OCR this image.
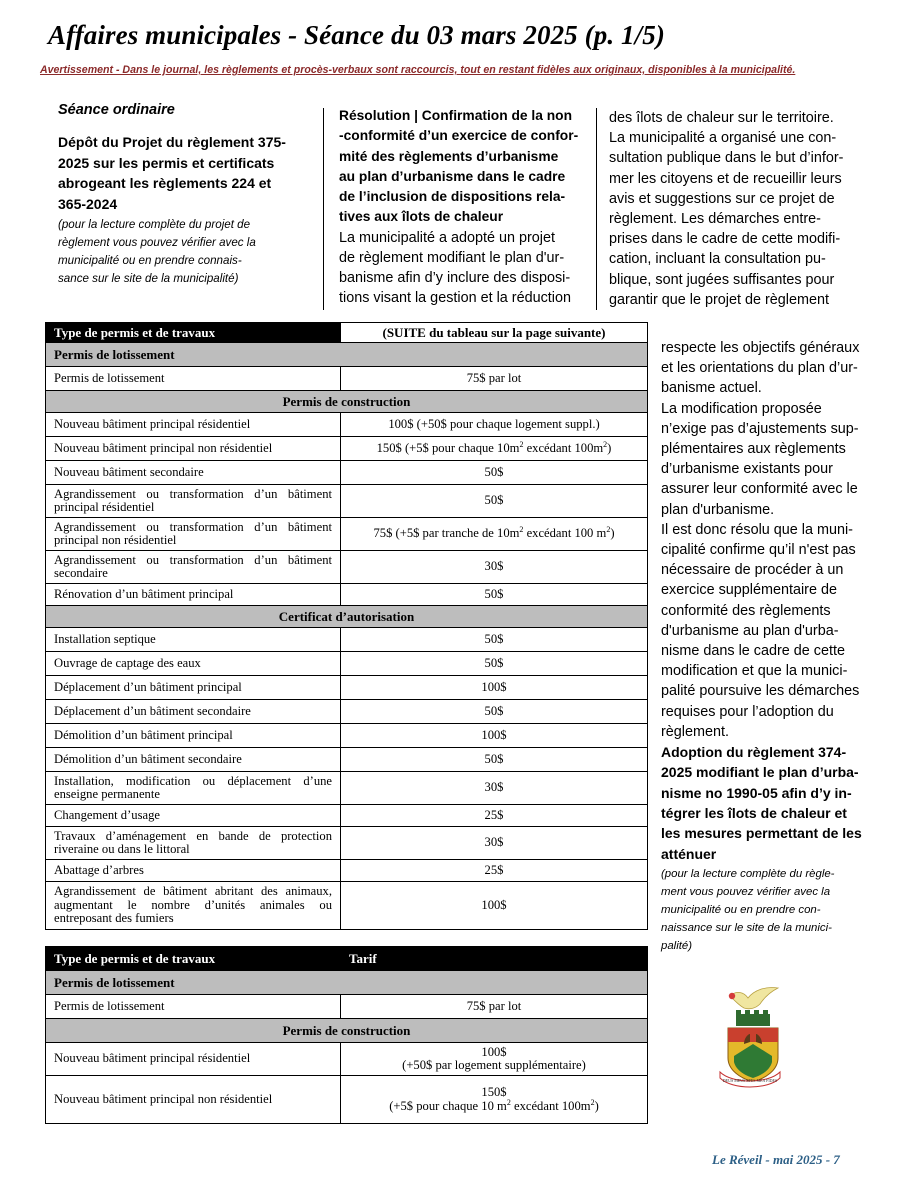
Affaires municipales - Séance du 03 mars 2025 (p. 1/5)
Avertissement - Dans le journal, les règlements et procès-verbaux sont raccourcis, tout en restant fidèles aux originaux, disponibles à la municipalité.
Séance ordinaire
Dépôt du Projet du règlement 375-
2025 sur les permis et certificats
abrogeant les règlements 224 et
365-2024
(pour la lecture complète du projet de
règlement vous pouvez vérifier avec la
municipalité ou en prendre connais-
sance sur le site de la municipalité)
Résolution | Confirmation de la non
-conformité d’un exercice de confor-
mité des règlements d’urbanisme
au plan d’urbanisme dans le cadre
de l’inclusion de dispositions rela-
tives aux îlots de chaleur
La municipalité a adopté un projet
de règlement modifiant le plan d'ur-
banisme afin d’y inclure des disposi-
tions visant la gestion et la réduction
des îlots de chaleur sur le territoire.
La municipalité a organisé une con-
sultation publique dans le but d’infor-
mer les citoyens et de recueillir leurs
avis et suggestions sur ce projet de
règlement. Les démarches entre-
prises dans le cadre de cette modifi-
cation, incluant la consultation pu-
blique, sont jugées suffisantes pour
garantir que le projet de règlement
respecte les objectifs généraux
et les orientations du plan d’ur-
banisme actuel.
La modification proposée
n’exige pas d’ajustements sup-
plémentaires aux règlements
d’urbanisme existants pour
assurer leur conformité avec le
plan d'urbanisme.
Il est donc résolu que la muni-
cipalité confirme qu’il n'est pas
nécessaire de procéder à un
exercice supplémentaire de
conformité des règlements
d'urbanisme au plan d'urba-
nisme dans le cadre de cette
modification et que la munici-
palité poursuive les démarches
requises pour l’adoption du
règlement.
Adoption du règlement 374-
2025 modifiant le plan d’urba-
nisme no 1990-05 afin d’y in-
tégrer les îlots de chaleur et
les mesures permettant de les
atténuer
(pour la lecture complète du règle-
ment vous pouvez vérifier avec la
municipalité ou en prendre con-
naissance sur le site de la munici-
palité)
Type de permis et de travaux	(SUITE du tableau sur la page suivante)
Permis de lotissement	
Permis de lotissement	75$ par lot
Permis de construction	
Nouveau bâtiment principal résidentiel	100$ (+50$ pour chaque logement suppl.)
Nouveau bâtiment principal non résidentiel	150$ (+5$ pour chaque $10m^2$ excédant $100m^2$)
Nouveau bâtiment secondaire	50$
Agrandissement ou transformation d’un bâtiment principal résidentiel	50$
Agrandissement ou transformation d’un bâtiment principal non résidentiel	75$ (+5$ par tranche de $10m^2$ excédant 100 $m^2$)
Agrandissement ou transformation d’un bâtiment secondaire	30$
Rénovation d’un bâtiment principal	50$
Certificat d’autorisation	
Installation septique	50$
Ouvrage de captage des eaux	50$
Déplacement d’un bâtiment principal	100$
Déplacement d’un bâtiment secondaire	50$
Démolition d’un bâtiment principal	100$
Démolition d’un bâtiment secondaire	50$
Installation, modification ou déplacement d’une enseigne permanente	30$
Changement d’usage	25$
Travaux d’aménagement en bande de protection riveraine ou dans le littoral	30$
Abattage d’arbres	25$
Agrandissement de bâtiment abritant des animaux, augmentant le nombre d’unités animales ou entreposant des fumiers	100$
Type de permis et de travaux	Tarif
Permis de lotissement	
Permis de lotissement	75$ par lot
Permis de construction	
Nouveau bâtiment principal résidentiel	100$
(+50$ par logement supplémentaire)
Nouveau bâtiment principal non résidentiel	150$
(+5$ pour chaque 10 $m^2$ excédant $100m^2$)
DEUS MEUS SPES MEA FIDES
Le Réveil - mai 2025 - 7
